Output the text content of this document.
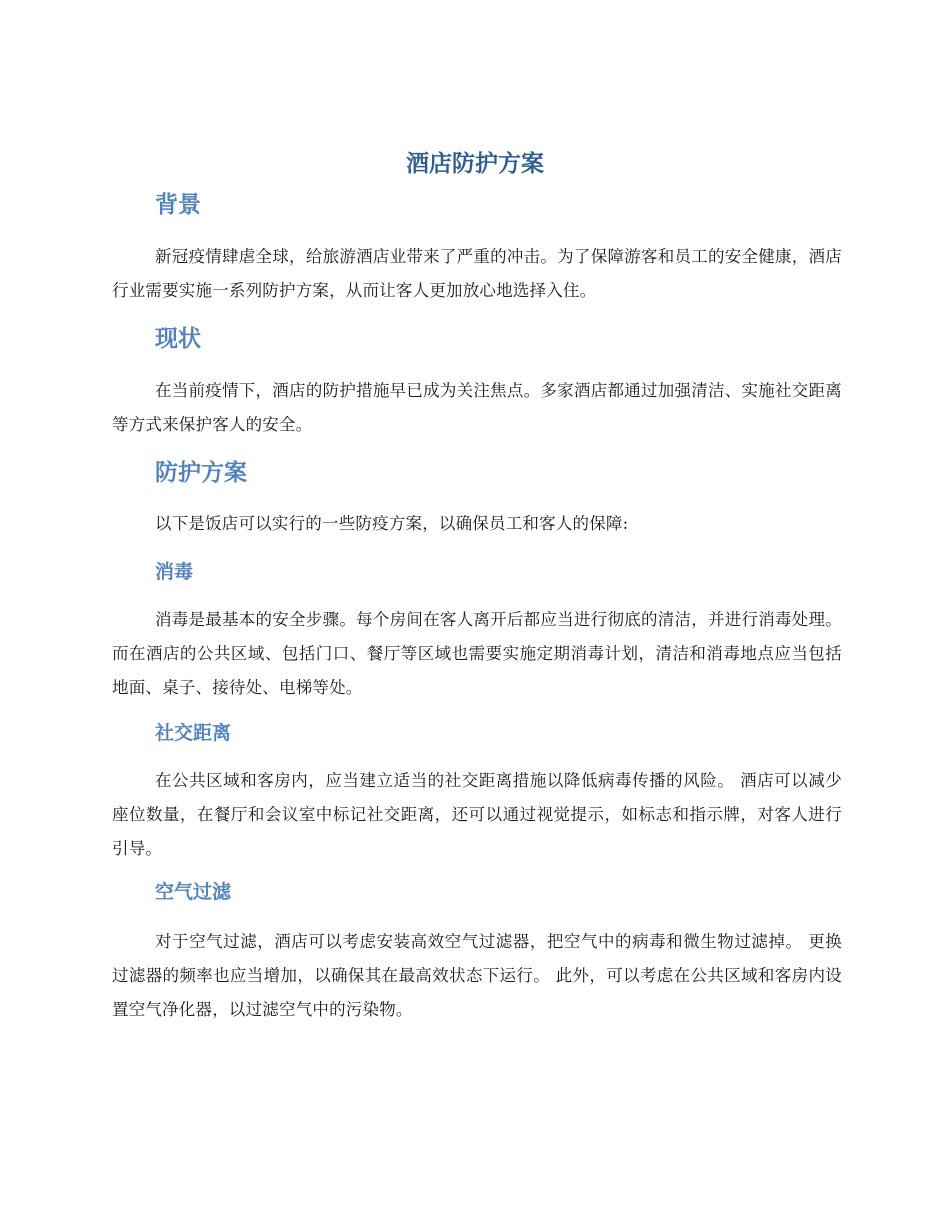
酒店防护方案
背景

新冠疫情肆虐全球，给旅游酒店业带来了严重的冲击。为了保障游客和员工的安全健康，酒店行业需要实施一系列防护方案，从而让客人更加放心地选择入住。

现状

在当前疫情下，酒店的防护措施早已成为关注焦点。多家酒店都通过加强清洁、实施社交距离等方式来保护客人的安全。

防护方案

以下是饭店可以实行的一些防疫方案，以确保员工和客人的保障:

消毒

消毒是最基本的安全步骤。每个房间在客人离开后都应当进行彻底的清洁，并进行消毒处理。而在酒店的公共区域、包括门口、餐厅等区域也需要实施定期消毒计划，清洁和消毒地点应当包括地面、桌子、接待处、电梯等处。

社交距离

在公共区域和客房内，应当建立适当的社交距离措施以降低病毒传播的风险。 酒店可以减少座位数量，在餐厅和会议室中标记社交距离，还可以通过视觉提示，如标志和指示牌，对客人进行引导。

空气过滤

对于空气过滤，酒店可以考虑安装高效空气过滤器，把空气中的病毒和微生物过滤掉。 更换过滤器的频率也应当增加，以确保其在最高效状态下运行。 此外，可以考虑在公共区域和客房内设置空气净化器，以过滤空气中的污染物。
